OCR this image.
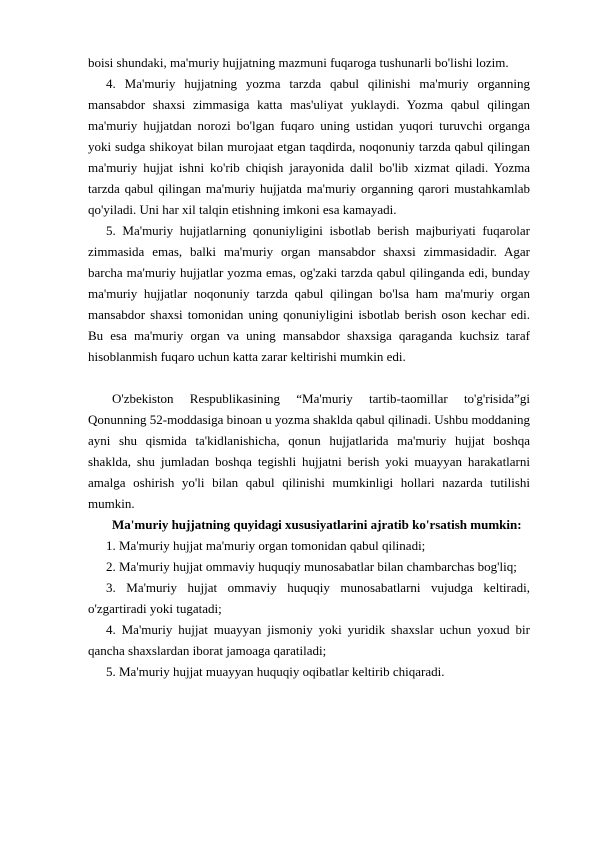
boisi shundaki, ma'muriy hujjatning mazmuni fuqaroga tushunarli bo'lishi lozim.

4. Ma'muriy hujjatning yozma tarzda qabul qilinishi ma'muriy organning mansabdor shaxsi zimmasiga katta mas'uliyat yuklaydi. Yozma qabul qilingan ma'muriy hujjatdan norozi bo'lgan fuqaro uning ustidan yuqori turuvchi organga yoki sudga shikoyat bilan murojaat etgan taqdirda, noqonuniy tarzda qabul qilingan ma'muriy hujjat ishni ko'rib chiqish jarayonida dalil bo'lib xizmat qiladi. Yozma tarzda qabul qilingan ma'muriy hujjatda ma'muriy organning qarori mustahkamlab qo'yiladi. Uni har xil talqin etishning imkoni esa kamayadi.

5. Ma'muriy hujjatlarning qonuniyligini isbotlab berish majburiyati fuqarolar zimmasida emas, balki ma'muriy organ mansabdor shaxsi zimmasidadir. Agar barcha ma'muriy hujjatlar yozma emas, og'zaki tarzda qabul qilinganda edi, bunday ma'muriy hujjatlar noqonuniy tarzda qabul qilingan bo'lsa ham ma'muriy organ mansabdor shaxsi tomonidan uning qonuniyligini isbotlab berish oson kechar edi. Bu esa ma'muriy organ va uning mansabdor shaxsiga qaraganda kuchsiz taraf hisoblanmish fuqaro uchun katta zarar keltirishi mumkin edi.

O'zbekiston Respublikasining “Ma'muriy tartib-taomillar to'g'risida”gi Qonunning 52-moddasiga binoan u yozma shaklda qabul qilinadi. Ushbu moddaning ayni shu qismida ta'kidlanishicha, qonun hujjatlarida ma'muriy hujjat boshqa shaklda, shu jumladan boshqa tegishli hujjatni berish yoki muayyan harakatlarni amalga oshirish yo'li bilan qabul qilinishi mumkinligi hollari nazarda tutilishi mumkin.

Ma'muriy hujjatning quyidagi xususiyatlarini ajratib ko'rsatish mumkin:

1. Ma'muriy hujjat ma'muriy organ tomonidan qabul qilinadi;

2. Ma'muriy hujjat ommaviy huquqiy munosabatlar bilan chambarchas bog'liq;

3. Ma'muriy hujjat ommaviy huquqiy munosabatlarni vujudga keltiradi, o'zgartiradi yoki tugatadi;

4. Ma'muriy hujjat muayyan jismoniy yoki yuridik shaxslar uchun yoxud bir qancha shaxslardan iborat jamoaga qaratiladi;

5. Ma'muriy hujjat muayyan huquqiy oqibatlar keltirib chiqaradi.
